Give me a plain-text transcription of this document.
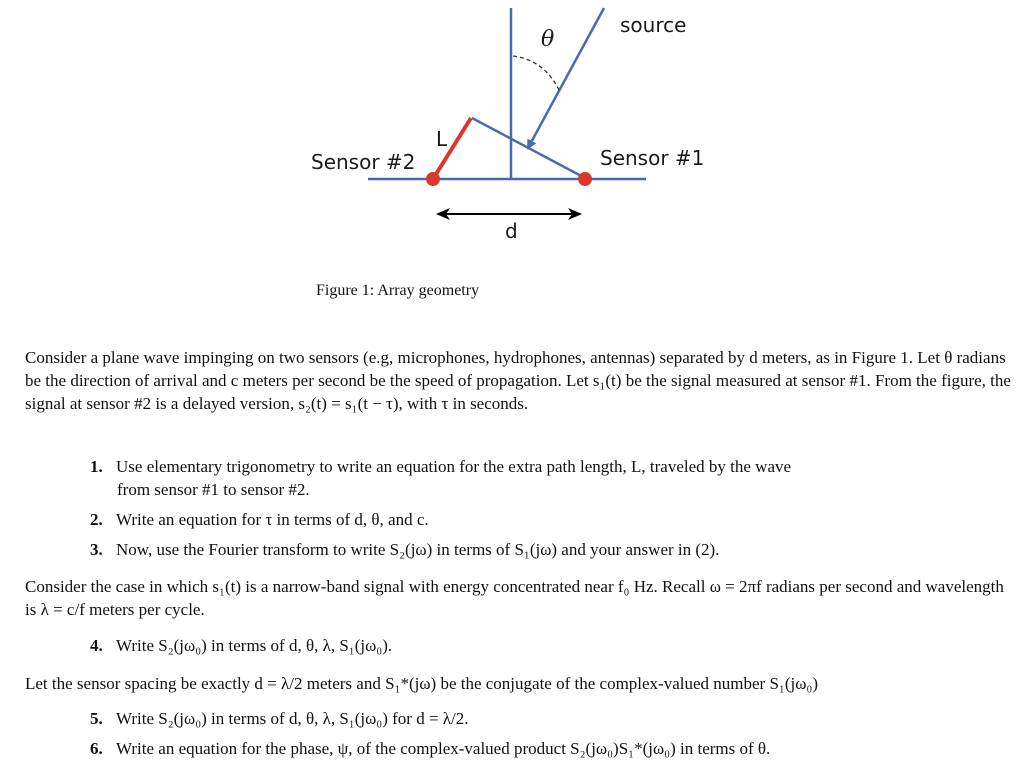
source
θ
L
Sensor #1
Sensor #2
d
Figure 1: Array geometry
Consider a plane wave impinging on two sensors (e.g, microphones, hydrophones, antennas) separated by d meters, as in Figure 1. Let θ radians be the direction of arrival and c meters per second be the speed of propagation. Let s₁(t) be the signal measured at sensor #1. From the figure, the signal at sensor #2 is a delayed version, s₂(t) = s₁(t − τ), with τ in seconds.
1. Use elementary trigonometry to write an equation for the extra path length, L, traveled by the wave
from sensor #1 to sensor #2.
2. Write an equation for τ in terms of d, θ, and c.
3. Now, use the Fourier transform to write S₂(jω) in terms of S₁(jω) and your answer in (2).
Consider the case in which s₁(t) is a narrow-band signal with energy concentrated near f₀ Hz. Recall ω = 2πf radians per second and wavelength is λ = c/f meters per cycle.
4. Write S₂(jω₀) in terms of d, θ, λ, S₁(jω₀).
Let the sensor spacing be exactly d = λ/2 meters and S₁*(jω) be the conjugate of the complex-valued number S₁(jω₀)
5. Write S₂(jω₀) in terms of d, θ, λ, S₁(jω₀) for d = λ/2.
6. Write an equation for the phase, ψ, of the complex-valued product S₂(jω₀)S₁*(jω₀) in terms of θ.
